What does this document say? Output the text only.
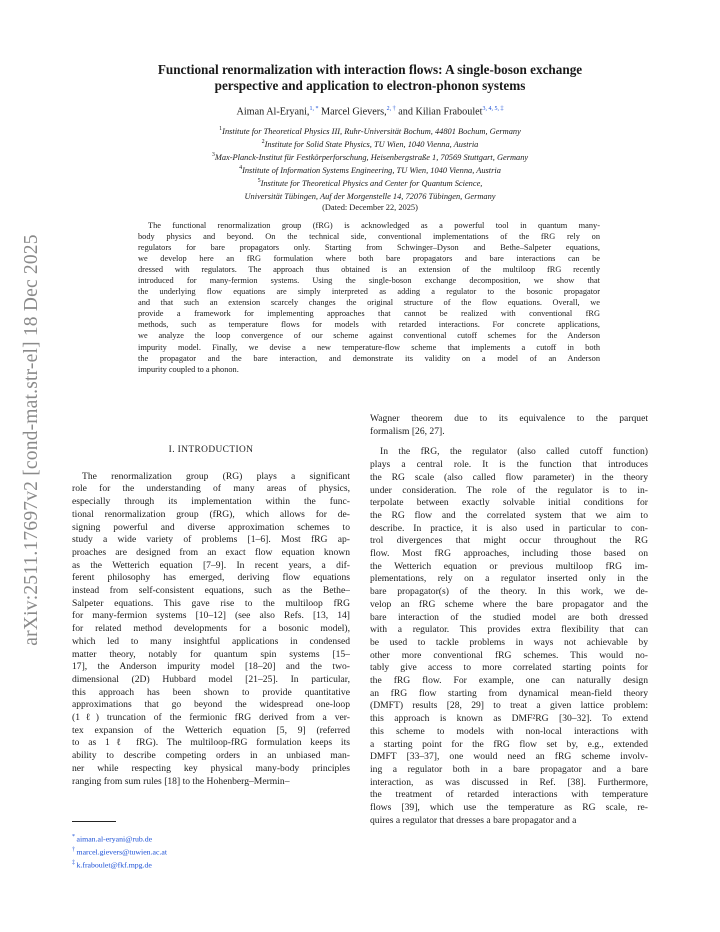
arXiv:2511.17697v2 [cond-mat.str-el] 18 Dec 2025
Functional renormalization with interaction flows: A single-boson exchange
perspective and application to electron-phonon systems
Aiman Al-Eryani,$^{1, *}$ Marcel Gievers,$^{2, \dagger}$ and Kilian Fraboulet$^{3, 4, 5, \ddagger}$
$^1$Institute for Theoretical Physics III, Ruhr-Universität Bochum, 44801 Bochum, Germany
$^2$Institute for Solid State Physics, TU Wien, 1040 Vienna, Austria
$^3$Max-Planck-Institut für Festkörperforschung, Heisenbergstraße 1, 70569 Stuttgart, Germany
$^4$Institute of Information Systems Engineering, TU Wien, 1040 Vienna, Austria
$^5$Institute for Theoretical Physics and Center for Quantum Science,
Universität Tübingen, Auf der Morgenstelle 14, 72076 Tübingen, Germany
(Dated: December 22, 2025)
The functional renormalization group (fRG) is acknowledged as a powerful tool in quantum many-
body physics and beyond. On the technical side, conventional implementations of the fRG rely on
regulators for bare propagators only. Starting from Schwinger–Dyson and Bethe–Salpeter equations,
we develop here an fRG formulation where both bare propagators and bare interactions can be
dressed with regulators. The approach thus obtained is an extension of the multiloop fRG recently
introduced for many-fermion systems. Using the single-boson exchange decomposition, we show that
the underlying flow equations are simply interpreted as adding a regulator to the bosonic propagator
and that such an extension scarcely changes the original structure of the flow equations. Overall, we
provide a framework for implementing approaches that cannot be realized with conventional fRG
methods, such as temperature flows for models with retarded interactions. For concrete applications,
we analyze the loop convergence of our scheme against conventional cutoff schemes for the Anderson
impurity model. Finally, we devise a new temperature-flow scheme that implements a cutoff in both
the propagator and the bare interaction, and demonstrate its validity on a model of an Anderson
impurity coupled to a phonon.
I. INTRODUCTION
The renormalization group (RG) plays a significant
role for the understanding of many areas of physics,
especially through its implementation within the func-
tional renormalization group (fRG), which allows for de-
signing powerful and diverse approximation schemes to
study a wide variety of problems [1–6]. Most fRG ap-
proaches are designed from an exact flow equation known
as the Wetterich equation [7–9]. In recent years, a dif-
ferent philosophy has emerged, deriving flow equations
instead from self-consistent equations, such as the Bethe–
Salpeter equations. This gave rise to the multiloop fRG
for many-fermion systems [10–12] (see also Refs. [13, 14]
for related method developments for a bosonic model),
which led to many insightful applications in condensed
matter theory, notably for quantum spin systems [15–
17], the Anderson impurity model [18–20] and the two-
dimensional (2D) Hubbard model [21–25]. In particular,
this approach has been shown to provide quantitative
approximations that go beyond the widespread one-loop
(1ℓ) truncation of the fermionic fRG derived from a ver-
tex expansion of the Wetterich equation [5, 9] (referred
to as 1ℓ fRG). The multiloop-fRG formulation keeps its
ability to describe competing orders in an unbiased man-
ner while respecting key physical many-body principles
ranging from sum rules [18] to the Hohenberg–Mermin–
Wagner theorem due to its equivalence to the parquet
formalism [26, 27].
In the fRG, the regulator (also called cutoff function)
plays a central role. It is the function that introduces
the RG scale (also called flow parameter) in the theory
under consideration. The role of the regulator is to in-
terpolate between exactly solvable initial conditions for
the RG flow and the correlated system that we aim to
describe. In practice, it is also used in particular to con-
trol divergences that might occur throughout the RG
flow. Most fRG approaches, including those based on
the Wetterich equation or previous multiloop fRG im-
plementations, rely on a regulator inserted only in the
bare propagator(s) of the theory. In this work, we de-
velop an fRG scheme where the bare propagator and the
bare interaction of the studied model are both dressed
with a regulator. This provides extra flexibility that can
be used to tackle problems in ways not achievable by
other more conventional fRG schemes. This would no-
tably give access to more correlated starting points for
the fRG flow. For example, one can naturally design
an fRG flow starting from dynamical mean-field theory
(DMFT) results [28, 29] to treat a given lattice problem:
this approach is known as DMF²RG [30–32]. To extend
this scheme to models with non-local interactions with
a starting point for the fRG flow set by, e.g., extended
DMFT [33–37], one would need an fRG scheme involv-
ing a regulator both in a bare propagator and a bare
interaction, as was discussed in Ref. [38]. Furthermore,
the treatment of retarded interactions with temperature
flows [39], which use the temperature as RG scale, re-
quires a regulator that dresses a bare propagator and a
* aiman.al-eryani@rub.de
† marcel.gievers@tuwien.ac.at
‡ k.fraboulet@fkf.mpg.de
